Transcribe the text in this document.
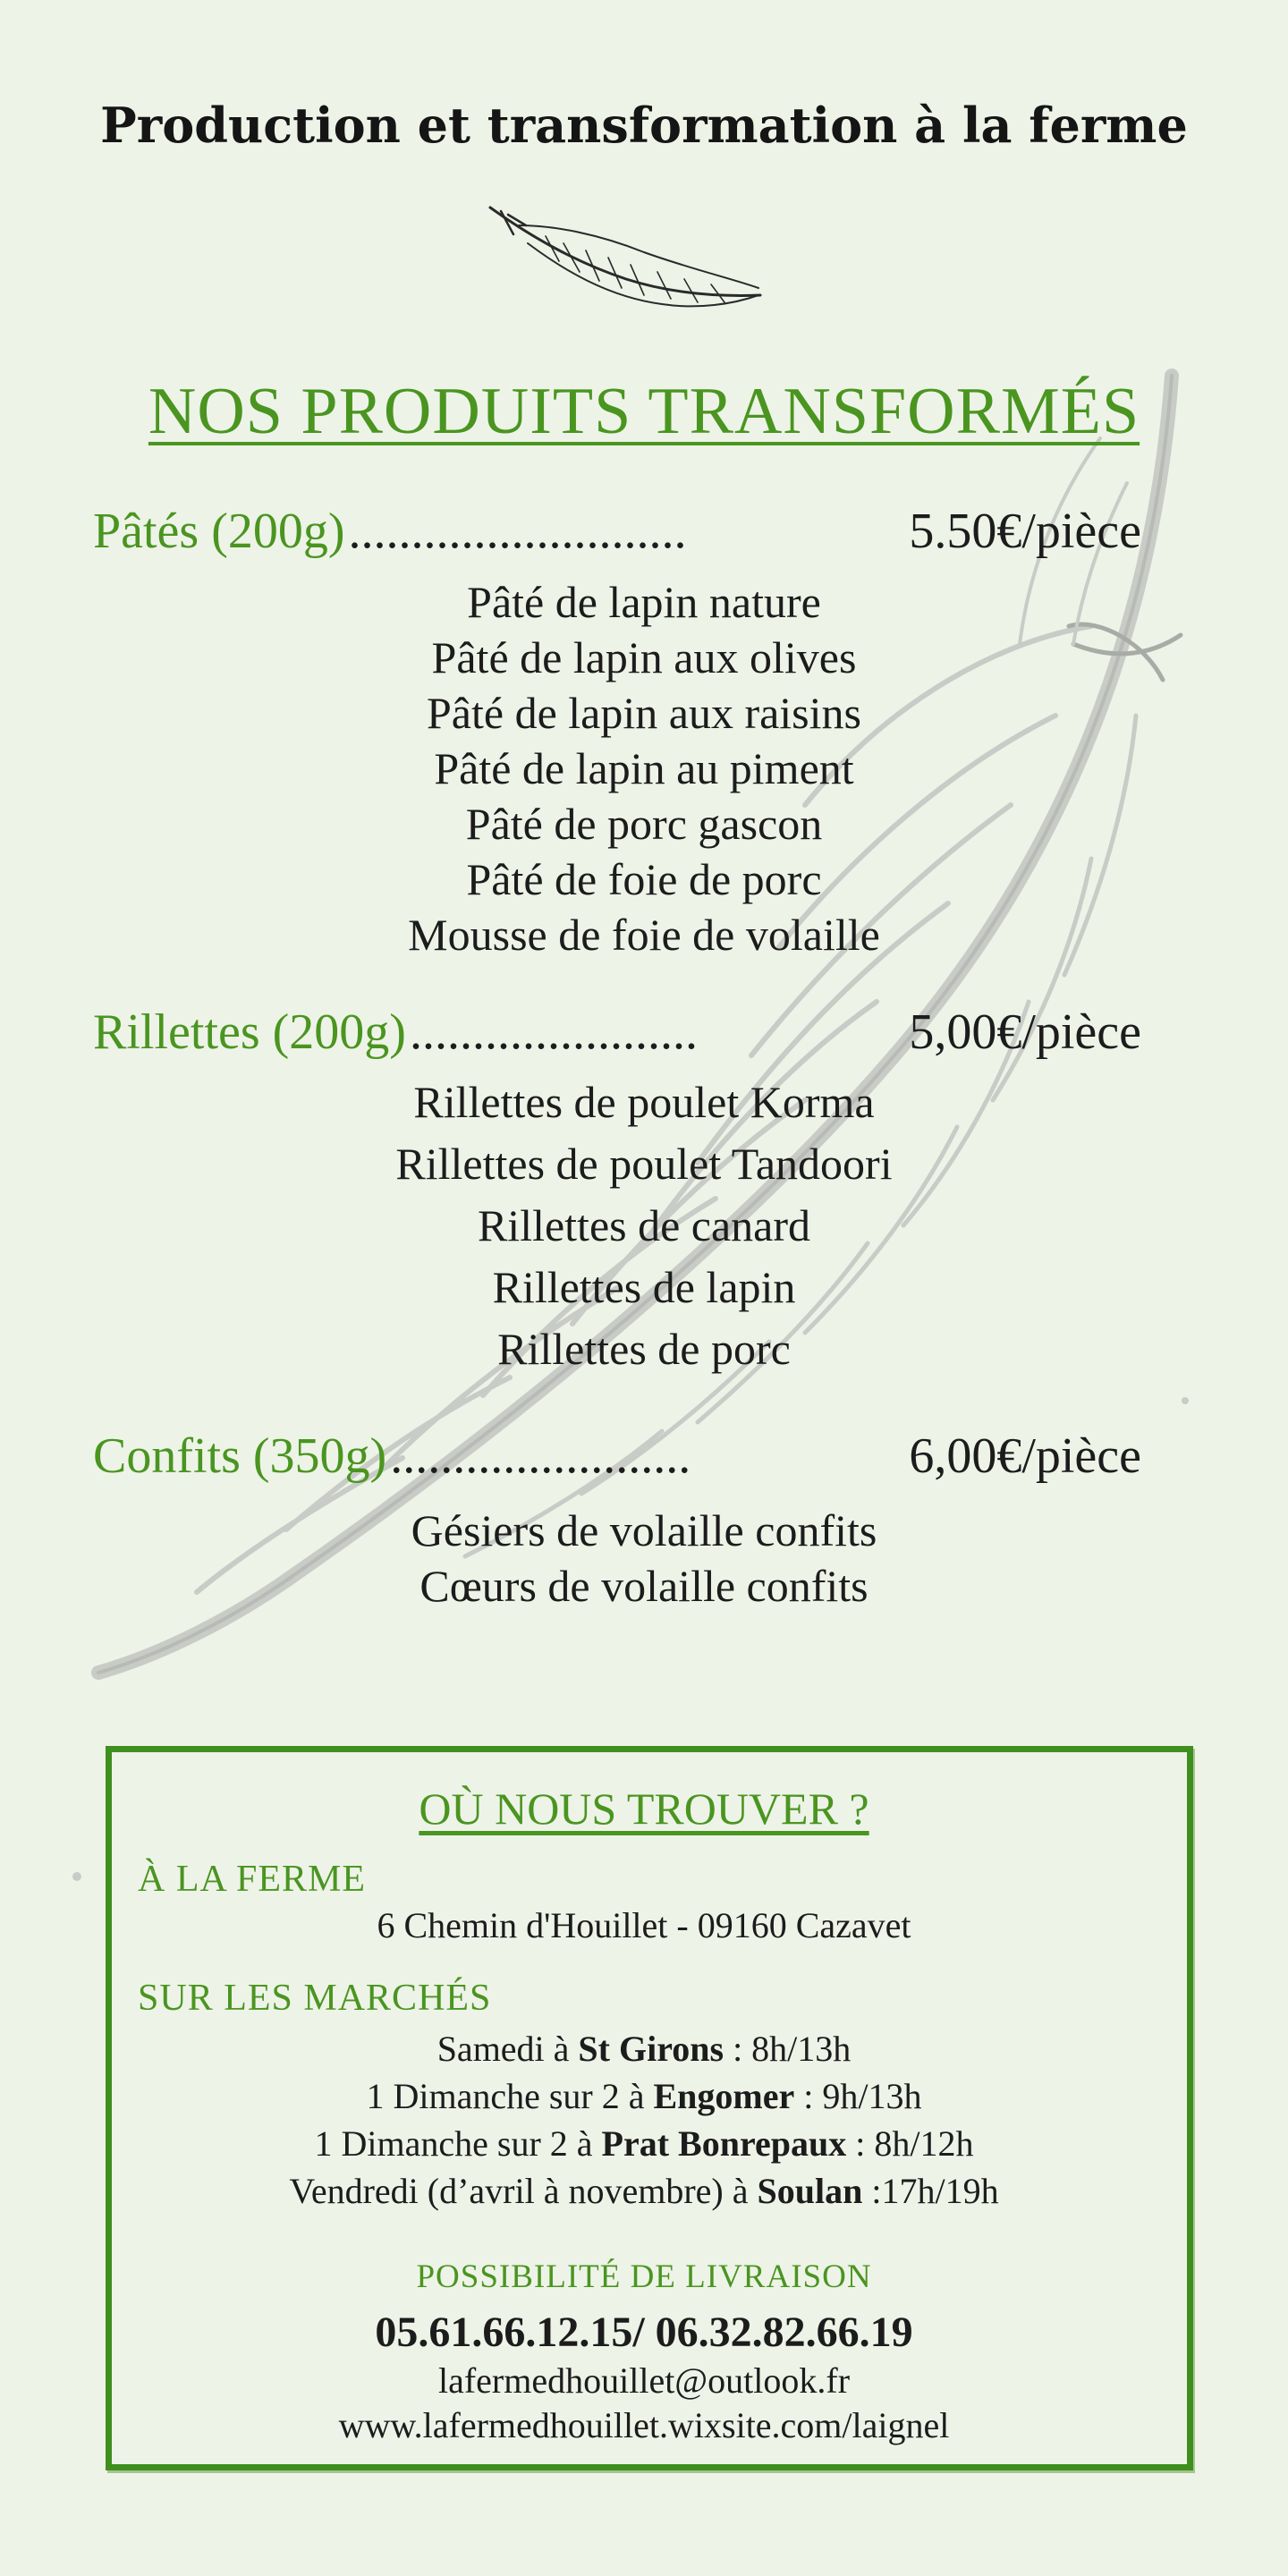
Production et transformation à la ferme
NOS PRODUITS TRANSFORMÉS
Pâtés (200g) ...........................	5.50€/pièce
Pâté de lapin nature
Pâté de lapin aux olives
Pâté de lapin aux raisins
Pâté de lapin au piment
Pâté de porc gascon
Pâté de foie de porc
Mousse de foie de volaille
Rillettes (200g) .......................	5,00€/pièce
Rillettes de poulet Korma
Rillettes de poulet Tandoori
Rillettes de canard
Rillettes de lapin
Rillettes de porc
Confits (350g) ........................	6,00€/pièce
Gésiers de volaille confits
Cœurs de volaille confits
OÙ NOUS TROUVER ?
À LA FERME
6 Chemin d'Houillet - 09160 Cazavet
SUR LES MARCHÉS
Samedi à St Girons : 8h/13h
1 Dimanche sur 2 à Engomer : 9h/13h
1 Dimanche sur 2 à Prat Bonrepaux : 8h/12h
Vendredi (d’avril à novembre) à Soulan :17h/19h
POSSIBILITÉ DE LIVRAISON
05.61.66.12.15/ 06.32.82.66.19
lafermedhouillet@outlook.fr
www.lafermedhouillet.wixsite.com/laignel
